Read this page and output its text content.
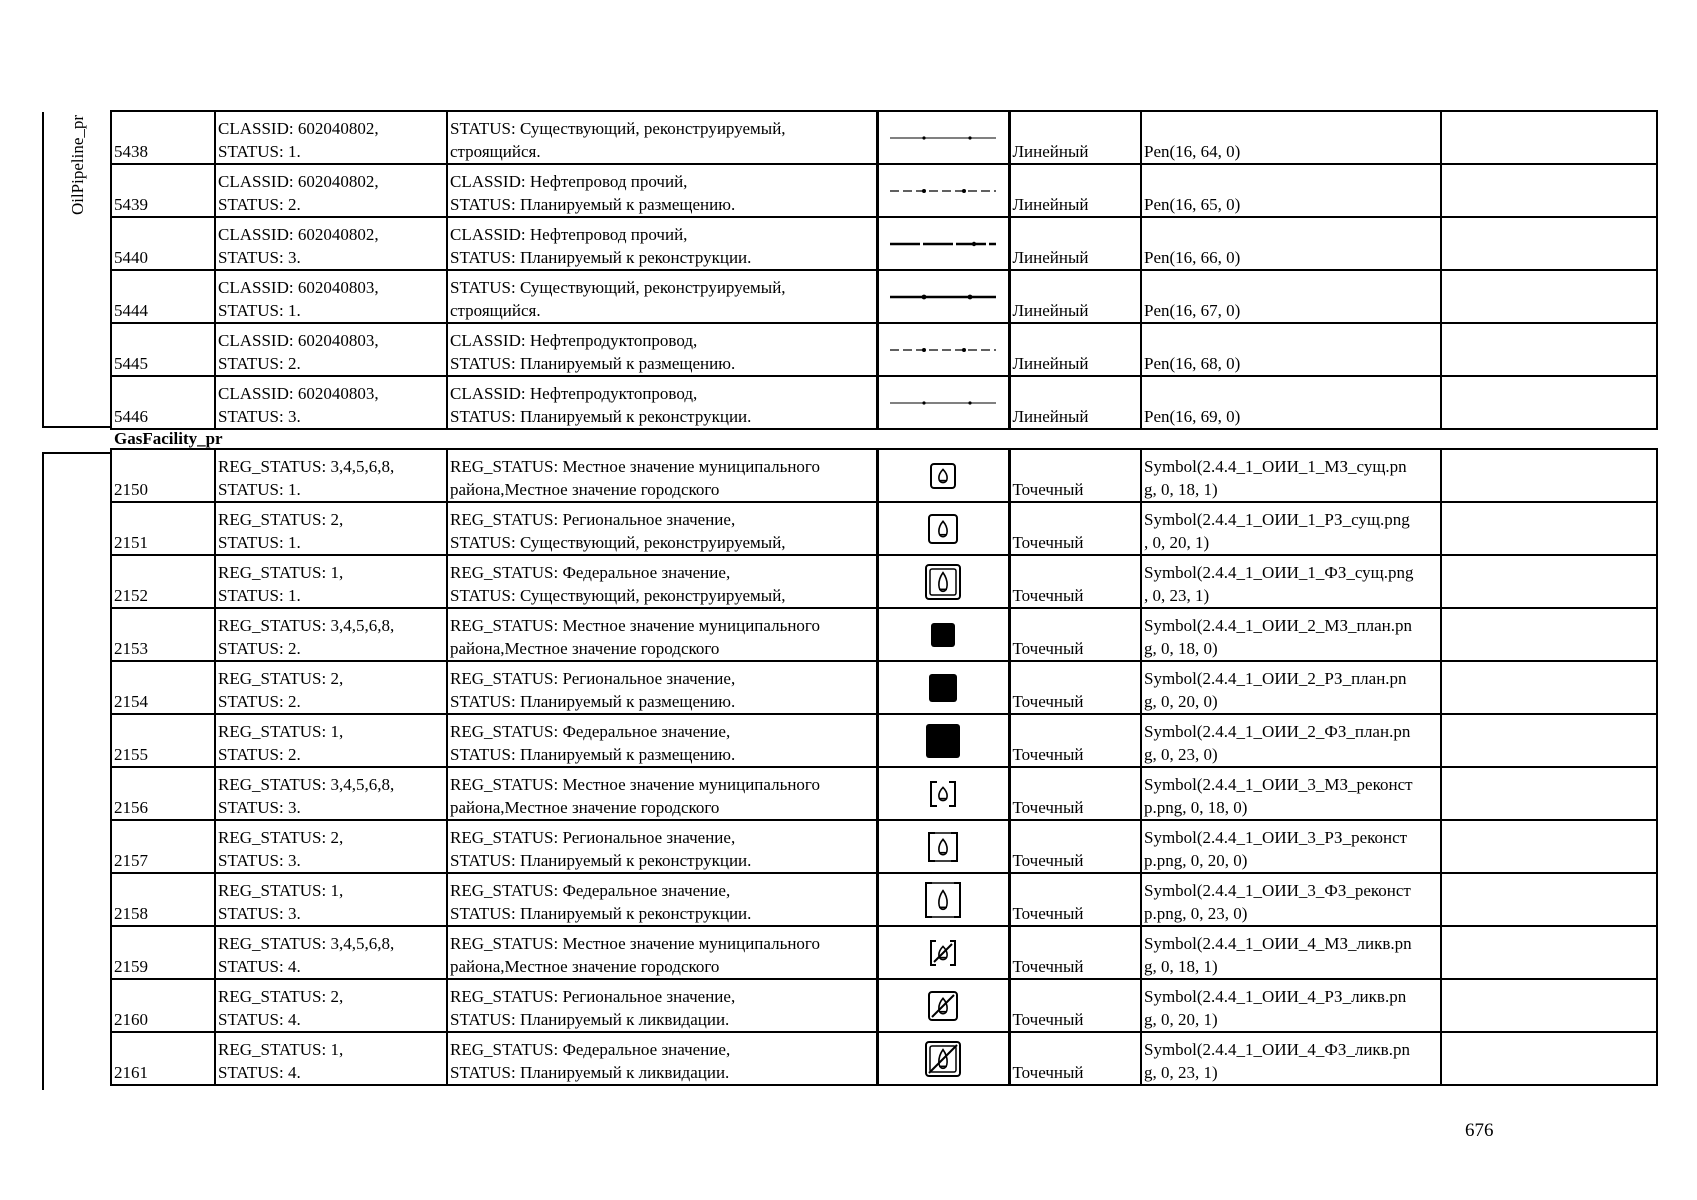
OilPipeline_pr 5438	CLASSID: 602040802,
STATUS: 1.	STATUS: Существующий, реконструируемый,
строящийся.		Линейный	Pen(16, 64, 0)	
5439	CLASSID: 602040802,
STATUS: 2.	CLASSID: Нефтепровод прочий,
STATUS: Планируемый к размещению.		Линейный	Pen(16, 65, 0)	
5440	CLASSID: 602040802,
STATUS: 3.	CLASSID: Нефтепровод прочий,
STATUS: Планируемый к реконструкции.		Линейный	Pen(16, 66, 0)	
5444	CLASSID: 602040803,
STATUS: 1.	STATUS: Существующий, реконструируемый,
строящийся.		Линейный	Pen(16, 67, 0)	
5445	CLASSID: 602040803,
STATUS: 2.	CLASSID: Нефтепродуктопровод,
STATUS: Планируемый к размещению.		Линейный	Pen(16, 68, 0)	
5446	CLASSID: 602040803,
STATUS: 3.	CLASSID: Нефтепродуктопровод,
STATUS: Планируемый к реконструкции.		Линейный	Pen(16, 69, 0)	
GasFacility_pr						
2150	REG_STATUS: 3,4,5,6,8,
STATUS: 1.	REG_STATUS: Местное значение муниципального
района,Местное значение городского		Точечный	Symbol(2.4.4_1_ОИИ_1_МЗ_сущ.pn
g, 0, 18, 1)	
2151	REG_STATUS: 2,
STATUS: 1.	REG_STATUS: Региональное значение,
STATUS: Существующий, реконструируемый,		Точечный	Symbol(2.4.4_1_ОИИ_1_РЗ_сущ.png
, 0, 20, 1)	
2152	REG_STATUS: 1,
STATUS: 1.	REG_STATUS: Федеральное значение,
STATUS: Существующий, реконструируемый,		Точечный	Symbol(2.4.4_1_ОИИ_1_ФЗ_сущ.png
, 0, 23, 1)	
2153	REG_STATUS: 3,4,5,6,8,
STATUS: 2.	REG_STATUS: Местное значение муниципального
района,Местное значение городского		Точечный	Symbol(2.4.4_1_ОИИ_2_МЗ_план.pn
g, 0, 18, 0)	
2154	REG_STATUS: 2,
STATUS: 2.	REG_STATUS: Региональное значение,
STATUS: Планируемый к размещению.		Точечный	Symbol(2.4.4_1_ОИИ_2_РЗ_план.pn
g, 0, 20, 0)	
2155	REG_STATUS: 1,
STATUS: 2.	REG_STATUS: Федеральное значение,
STATUS: Планируемый к размещению.		Точечный	Symbol(2.4.4_1_ОИИ_2_ФЗ_план.pn
g, 0, 23, 0)	
2156	REG_STATUS: 3,4,5,6,8,
STATUS: 3.	REG_STATUS: Местное значение муниципального
района,Местное значение городского		Точечный	Symbol(2.4.4_1_ОИИ_3_МЗ_реконст
р.png, 0, 18, 0)	
2157	REG_STATUS: 2,
STATUS: 3.	REG_STATUS: Региональное значение,
STATUS: Планируемый к реконструкции.		Точечный	Symbol(2.4.4_1_ОИИ_3_РЗ_реконст
р.png, 0, 20, 0)	
2158	REG_STATUS: 1,
STATUS: 3.	REG_STATUS: Федеральное значение,
STATUS: Планируемый к реконструкции.		Точечный	Symbol(2.4.4_1_ОИИ_3_ФЗ_реконст
р.png, 0, 23, 0)	
2159	REG_STATUS: 3,4,5,6,8,
STATUS: 4.	REG_STATUS: Местное значение муниципального
района,Местное значение городского		Точечный	Symbol(2.4.4_1_ОИИ_4_МЗ_ликв.pn
g, 0, 18, 1)	
2160	REG_STATUS: 2,
STATUS: 4.	REG_STATUS: Региональное значение,
STATUS: Планируемый к ликвидации.		Точечный	Symbol(2.4.4_1_ОИИ_4_РЗ_ликв.pn
g, 0, 20, 1)	
2161	REG_STATUS: 1,
STATUS: 4.	REG_STATUS: Федеральное значение,
STATUS: Планируемый к ликвидации.		Точечный	Symbol(2.4.4_1_ОИИ_4_ФЗ_ликв.pn
g, 0, 23, 1)	
676
